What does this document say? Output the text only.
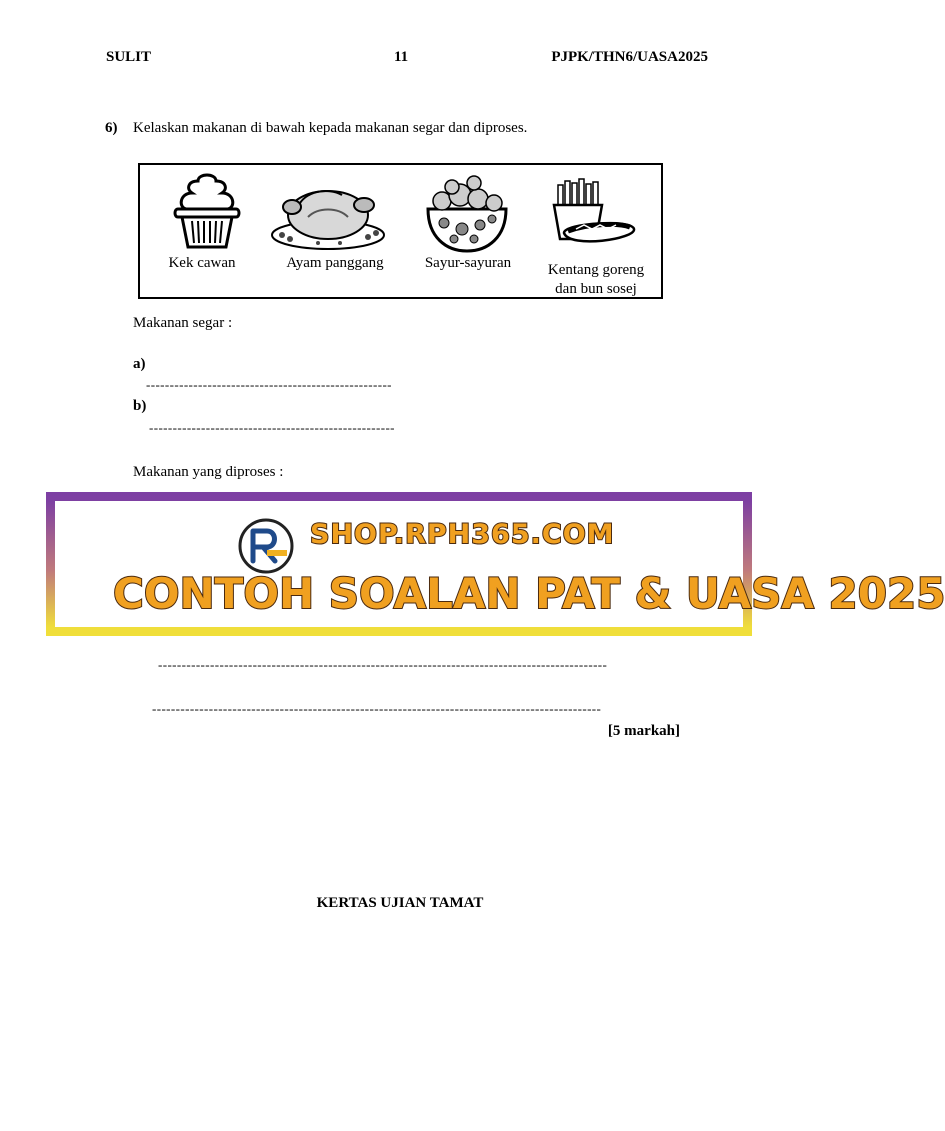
SULIT	11	PJPK/THN6/UASA2025
6) Kelaskan makanan di bawah kepada makanan segar dan diproses.
Kek cawan	Ayam panggang	Sayur-sayuran	Kentang goreng
dan bun sosej
Makanan segar :
a)
----------------------------------------------------
b)
----------------------------------------------------
Makanan yang diproses :
SHOP.RPH365.COM
CONTOH SOALAN PAT & UASA 2025
-----------------------------------------------------------------------------------------------
-----------------------------------------------------------------------------------------------
[5 markah]
KERTAS UJIAN TAMAT
